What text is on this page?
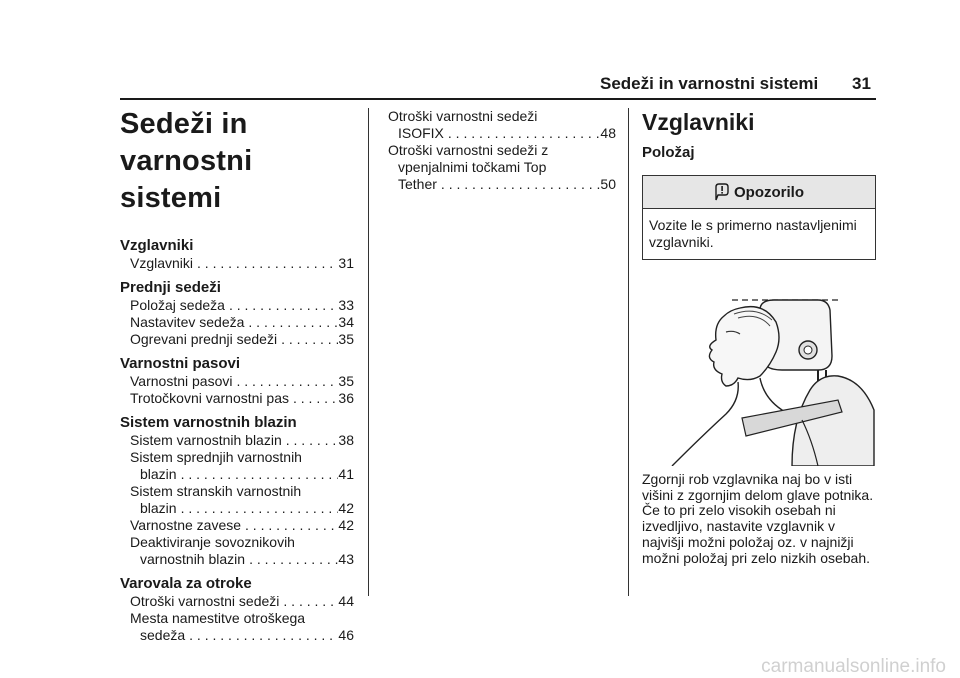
Sedeži in varnostni sistemi 31
Sedeži in varnostni
sistemi
Vzglavniki
Vzglavniki . . .	31
Prednji sedeži
Položaj sedeža . . .	33
Nastavitev sedeža . . .	34
Ogrevani prednji sedeži . . .	35
Varnostni pasovi
Varnostni pasovi . . .	35
Trotočkovni varnostni pas . . .	36
Sistem varnostnih blazin
Sistem varnostnih blazin . . .	38
Sistem sprednjih varnostnih
blazin . . .	41
Sistem stranskih varnostnih
blazin . . .	42
Varnostne zavese . . .	42
Deaktiviranje sovoznikovih
varnostnih blazin . . .	43
Varovala za otroke
Otroški varnostni sedeži . . .	44
Mesta namestitve otroškega
sedeža . . .	46
Otroški varnostni sedeži
ISOFIX . . .	48
Otroški varnostni sedeži z
vpenjalnimi točkami Top
Tether . . .	50
Vzglavniki
Položaj
Opozorilo
Vozite le s primerno nastavljenimi vzglavniki.
Zgornji rob vzglavnika naj bo v isti višini z zgornjim delom glave potnika. Če to pri zelo visokih osebah ni izvedljivo, nastavite vzglavnik v najvišji možni položaj oz. v najnižji možni položaj pri zelo nizkih osebah.
carmanualsonline.info
